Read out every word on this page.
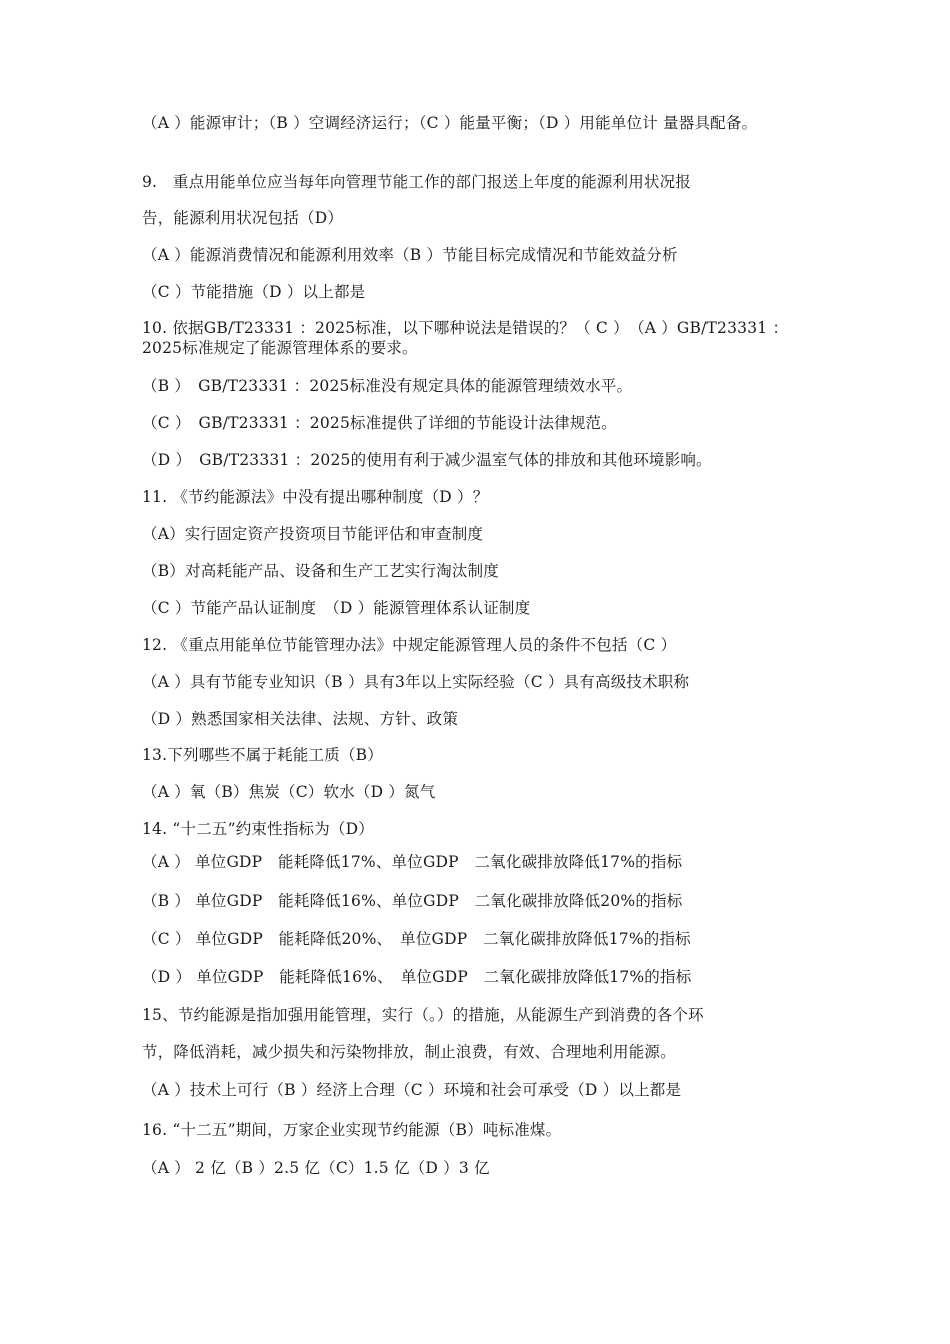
（A ）能源审计；（B ）空调经济运行；（C ）能量平衡；（D ）用能单位计 量器具配备。
9.　重点用能单位应当每年向管理节能工作的部门报送上年度的能源利用状况报
告，能源利用状况包括（D）
（A ）能源消费情况和能源利用效率（B ）节能目标完成情况和节能效益分析
（C ）节能措施（D ）以上都是
10. 依据GB/T23331 ：2025标准，以下哪种说法是错误的？（ C ）　（A ）GB/T23331 ：2025标准规定了能源管理体系的要求。
（B ）　GB/T23331 ：2025标准没有规定具体的能源管理绩效水平。
（C ）　GB/T23331 ：2025标准提供了详细的节能设计法律规范。
（D ）　GB/T23331 ：2025的使用有利于减少温室气体的排放和其他环境影响。
11. 《节约能源法》中没有提出哪种制度（D ）？
（A）实行固定资产投资项目节能评估和审查制度
（B）对高耗能产品、设备和生产工艺实行淘汰制度
（C ）节能产品认证制度　（D ）能源管理体系认证制度
12. 《重点用能单位节能管理办法》中规定能源管理人员的条件不包括（C ）
（A ）具有节能专业知识（B ）具有3年以上实际经验（C ）具有高级技术职称
（D ）熟悉国家相关法律、法规、方针、政策
13.下列哪些不属于耗能工质（B）
（A ）氧（B）焦炭（C）软水（D ）氮气
14. “十二五”约束性指标为（D）
（A ） 单位GDP　能耗降低17%、单位GDP　二氧化碳排放降低17%的指标
（B ） 单位GDP　能耗降低16%、单位GDP　二氧化碳排放降低20%的指标
（C ） 单位GDP　能耗降低20%、　单位GDP　二氧化碳排放降低17%的指标
（D ） 单位GDP　能耗降低16%、　单位GDP　二氧化碳排放降低17%的指标
15、节约能源是指加强用能管理，实行（。）的措施，从能源生产到消费的各个环
节，降低消耗，减少损失和污染物排放，制止浪费，有效、合理地利用能源。
（A ）技术上可行（B ）经济上合理（C ）环境和社会可承受（D ）以上都是
16. “十二五”期间，万家企业实现节约能源（B）吨标准煤。
（A ） 2 亿（B ）2.5 亿（C）1.5 亿（D ）3 亿
